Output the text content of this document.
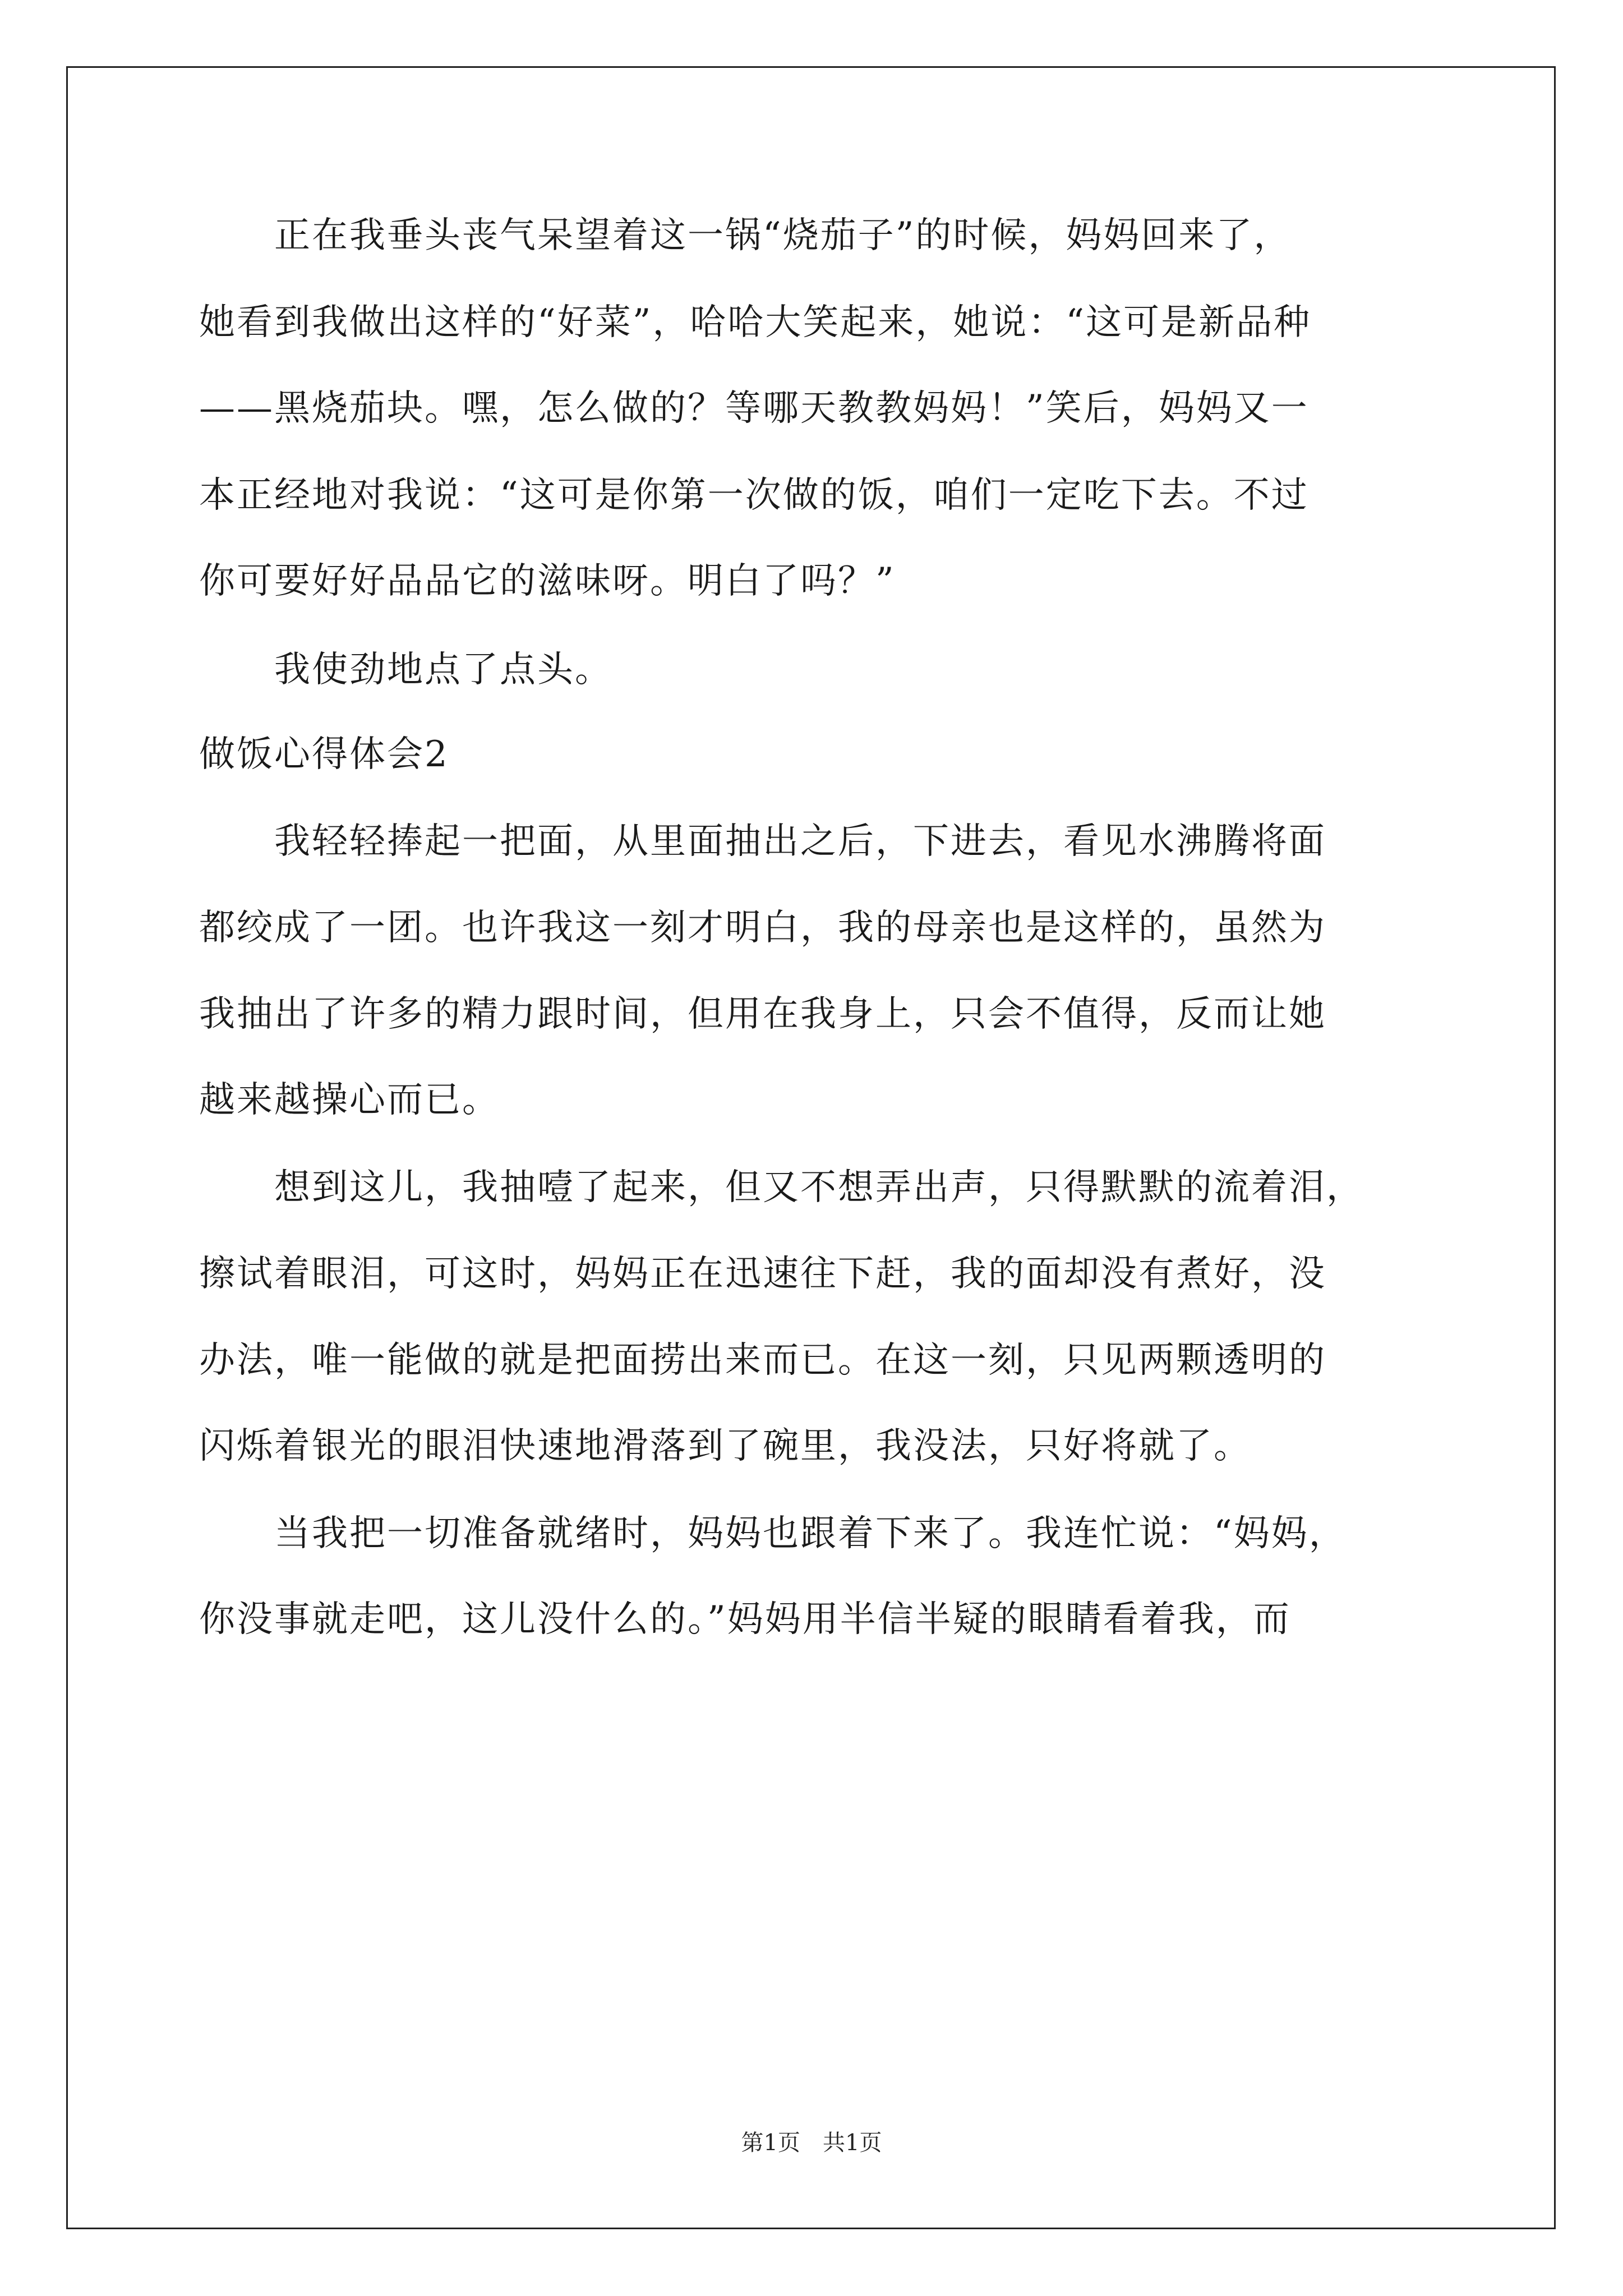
　　正在我垂头丧气呆望着这一锅“烧茄子”的时候，妈妈回来了，
她看到我做出这样的“好菜”，哈哈大笑起来，她说：“这可是新品种
——黑烧茄块。嘿，怎么做的？等哪天教教妈妈！”笑后，妈妈又一
本正经地对我说：“这可是你第一次做的饭，咱们一定吃下去。不过
你可要好好品品它的滋味呀。明白了吗？”
　　我使劲地点了点头。
做饭心得体会2
　　我轻轻捧起一把面，从里面抽出之后，下进去，看见水沸腾将面
都绞成了一团。也许我这一刻才明白，我的母亲也是这样的，虽然为
我抽出了许多的精力跟时间，但用在我身上，只会不值得，反而让她
越来越操心而已。
　　想到这儿，我抽噎了起来，但又不想弄出声，只得默默的流着泪，
擦试着眼泪，可这时，妈妈正在迅速往下赶，我的面却没有煮好，没
办法，唯一能做的就是把面捞出来而已。在这一刻，只见两颗透明的
闪烁着银光的眼泪快速地滑落到了碗里，我没法，只好将就了。
　　当我把一切准备就绪时，妈妈也跟着下来了。我连忙说：“妈妈，
你没事就走吧，这儿没什么的。”妈妈用半信半疑的眼睛看着我，而
第1页　共1页
